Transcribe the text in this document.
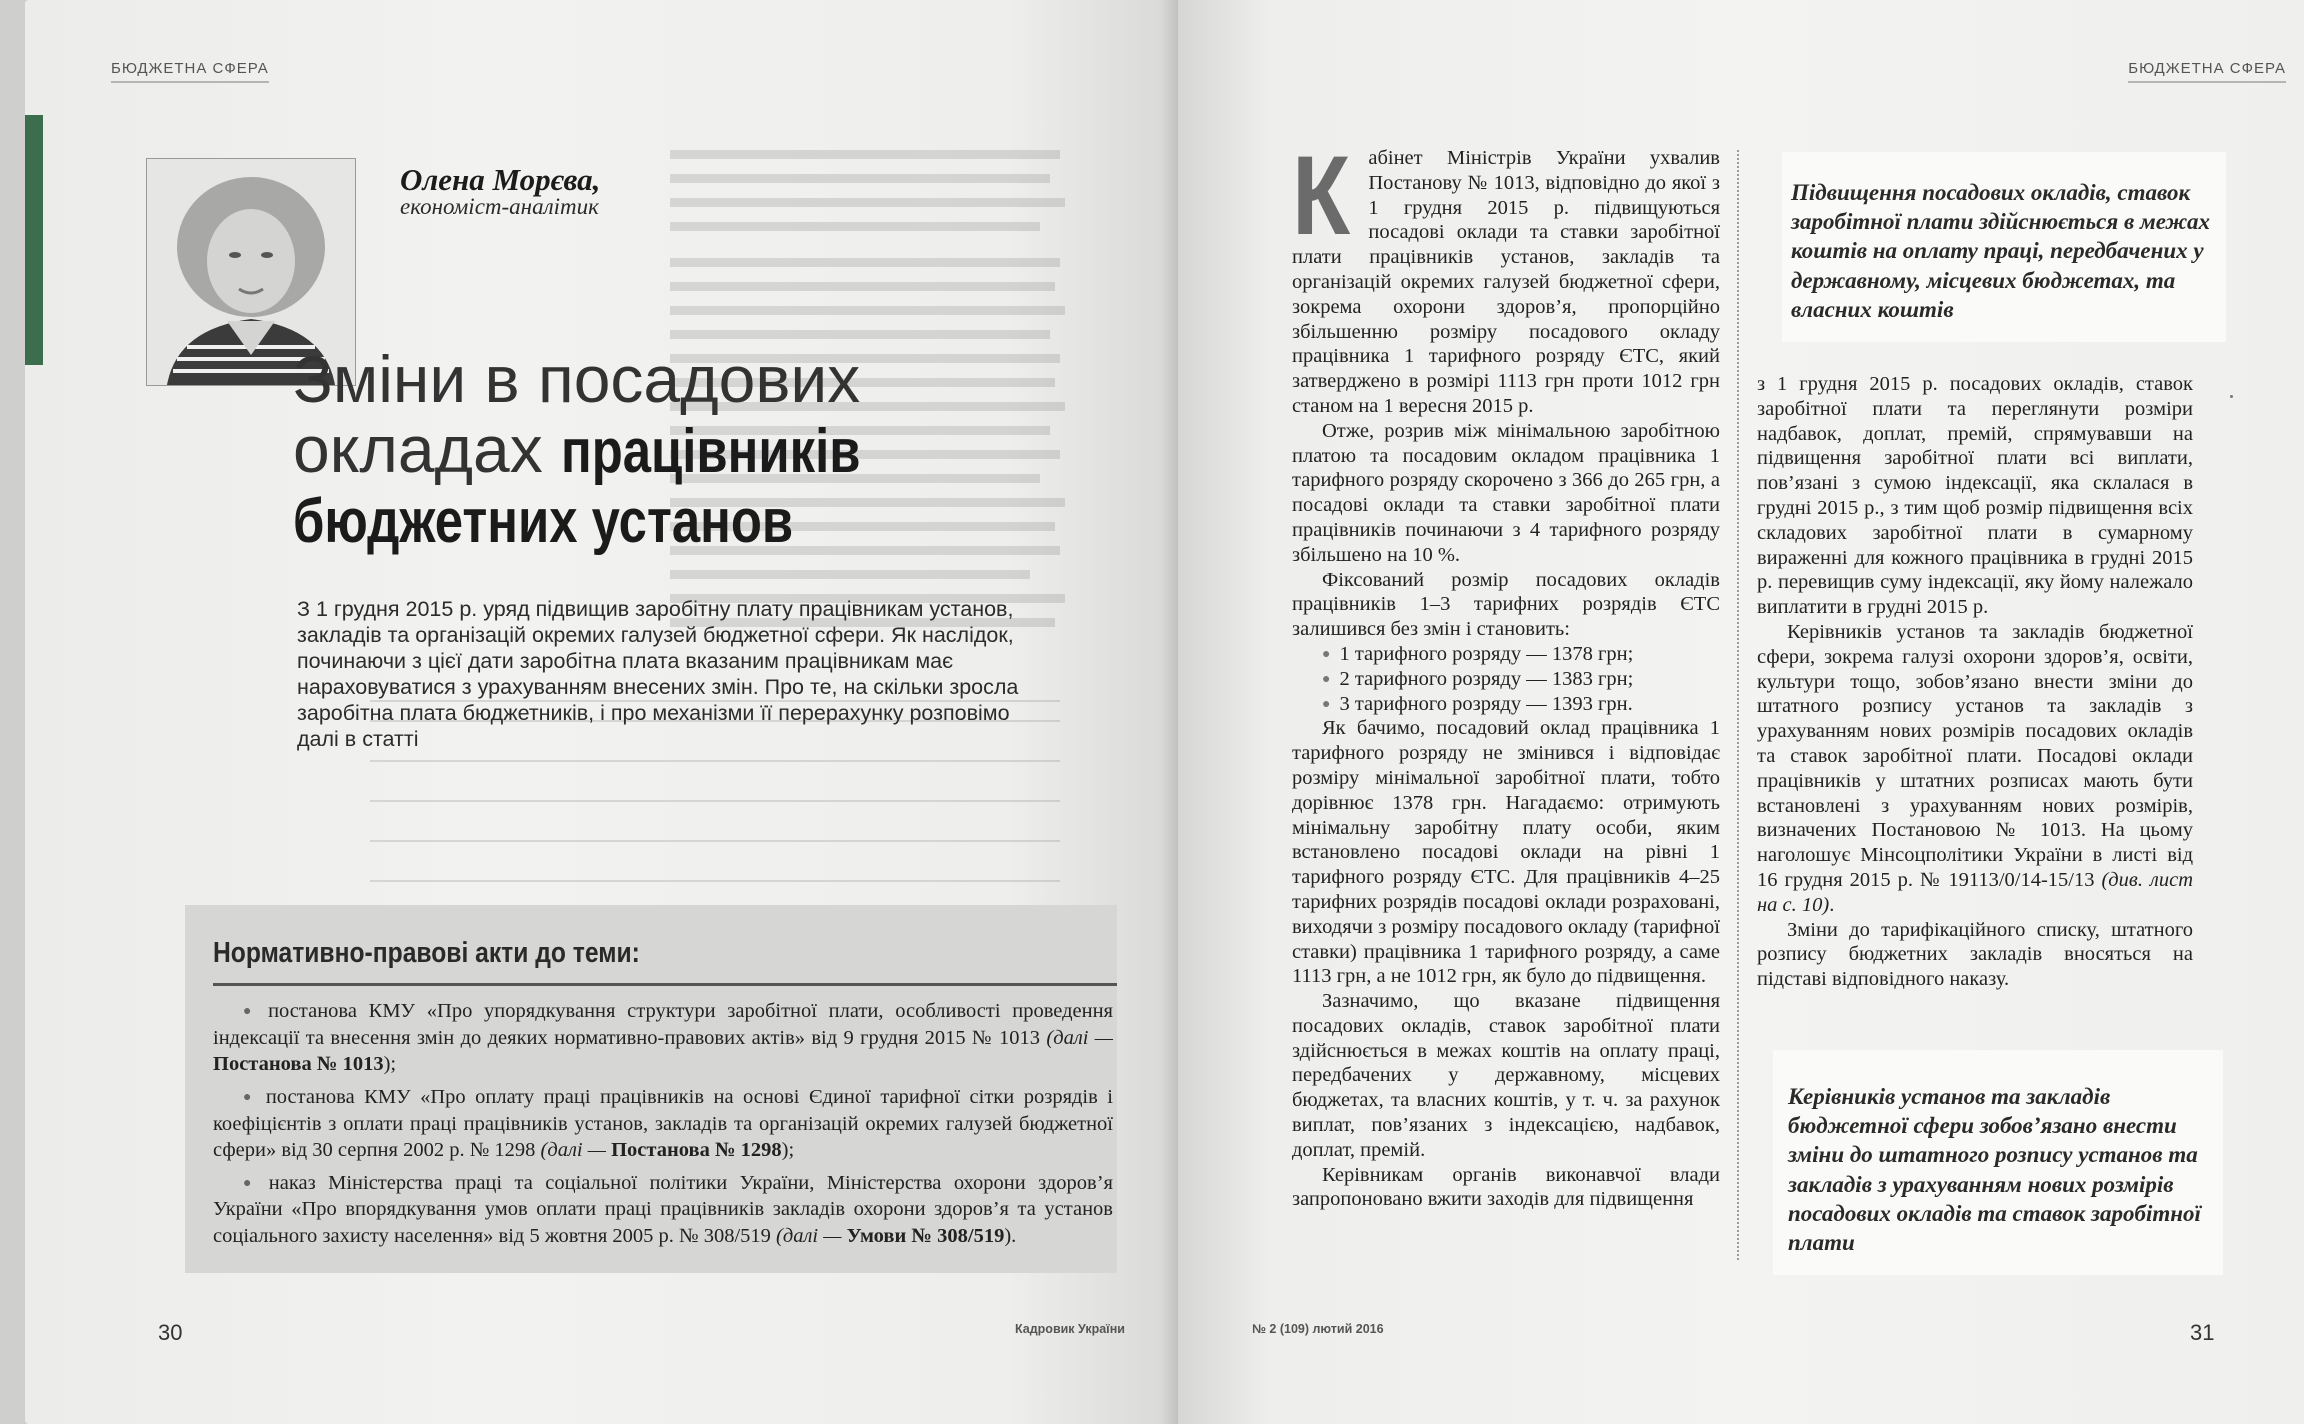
БЮДЖЕТНА СФЕРА
Олена Морєва,
економіст-аналітик
Зміни в посадових
окладах працівників
бюджетних установ

З 1 грудня 2015 р. уряд підвищив заробітну плату працівникам установ, закладів та організацій окремих галузей бюджетної сфери. Як наслідок, починаючи з цієї дати заробітна плата вказаним працівникам має нараховуватися з урахуванням внесених змін. Про те, на скільки зросла заробітна плата бюджетників, і про механізми її перерахунку розповімо далі в статті

Нормативно-правові акти до теми:
● постанова КМУ «Про упорядкування структури заробітної плати, особливості проведення індексації та внесення змін до деяких нормативно-правових актів» від 9 грудня 2015 № 1013 (далі — Постанова № 1013);
● постанова КМУ «Про оплату праці працівників на основі Єдиної тарифної сітки розрядів і коефіцієнтів з оплати праці працівників установ, закладів та організацій окремих галузей бюджетної сфери» від 30 серпня 2002 р. № 1298 (далі — Постанова № 1298);
● наказ Міністерства праці та соціальної політики України, Міністерства охорони здоров’я України «Про впорядкування умов оплати праці працівників закладів охорони здоров’я та установ соціального захисту населення» від 5 жовтня 2005 р. № 308/519 (далі — Умови № 308/519).
30	Кадровик України
БЮДЖЕТНА СФЕРА
№ 2 (109) лютий 2016	31

Кабінет Міністрів України ухвалив Постанову № 1013, відповідно до якої з 1 грудня 2015 р. підвищуються посадові оклади та ставки заробітної плати працівників установ, закладів та організацій окремих галузей бюджетної сфери, зокрема охорони здоров’я, пропорційно збільшенню розміру посадового окладу працівника 1 тарифного розряду ЄТС, який затверджено в розмірі 1113 грн проти 1012 грн станом на 1 вересня 2015 р.

Отже, розрив між мінімальною заробітною платою та посадовим окладом працівника 1 тарифного розряду скорочено з 366 до 265 грн, а посадові оклади та ставки заробітної плати працівників починаючи з 4 тарифного розряду збільшено на 10 %.

Фіксований розмір посадових окладів працівників 1–3 тарифних розрядів ЄТС залишився без змін і становить:

● 1 тарифного розряду — 1378 грн;
● 2 тарифного розряду — 1383 грн;
● 3 тарифного розряду — 1393 грн.

Як бачимо, посадовий оклад працівника 1 тарифного розряду не змінився і відповідає розміру мінімальної заробітної плати, тобто дорівнює 1378 грн. Нагадаємо: отримують мінімальну заробітну плату особи, яким встановлено посадові оклади на рівні 1 тарифного розряду ЄТС. Для працівників 4–25 тарифних розрядів посадові оклади розраховані, виходячи з розміру посадового окладу (тарифної ставки) працівника 1 тарифного розряду, а саме 1113 грн, а не 1012 грн, як було до підвищення.

Зазначимо, що вказане підвищення посадових окладів, ставок заробітної плати здійснюється в межах коштів на оплату праці, передбачених у державному, місцевих бюджетах, та власних коштів, у т. ч. за рахунок виплат, пов’язаних з індексацією, надбавок, доплат, премій.

Керівникам органів виконавчої влади запропоновано вжити заходів для підвищення

Підвищення посадових окладів, ставок заробітної плати здійснюється в межах коштів на оплату праці, передбачених у державному, місцевих бюджетах, та власних коштів

з 1 грудня 2015 р. посадових окладів, ставок заробітної плати та переглянути розміри надбавок, доплат, премій, спрямувавши на підвищення заробітної плати всі виплати, пов’язані з сумою індексації, яка склалася в грудні 2015 р., з тим щоб розмір підвищення всіх складових заробітної плати в сумарному вираженні для кожного працівника в грудні 2015 р. перевищив суму індексації, яку йому належало виплатити в грудні 2015 р.

Керівників установ та закладів бюджетної сфери, зокрема галузі охорони здоров’я, освіти, культури тощо, зобов’язано внести зміни до штатного розпису установ та закладів з урахуванням нових розмірів посадових окладів та ставок заробітної плати. Посадові оклади працівників у штатних розписах мають бути встановлені з урахуванням нових розмірів, визначених Постановою № 1013. На цьому наголошує Мінсоцполітики України в листі від 16 грудня 2015 р. № 19113/0/14-15/13 (див. лист на с. 10).

Зміни до тарифікаційного списку, штатного розпису бюджетних закладів вносяться на підставі відповідного наказу.

Керівників установ та закладів бюджетної сфери зобов’язано внести зміни до штатного розпису установ та закладів з урахуванням нових розмірів посадових окладів та ставок заробітної плати
